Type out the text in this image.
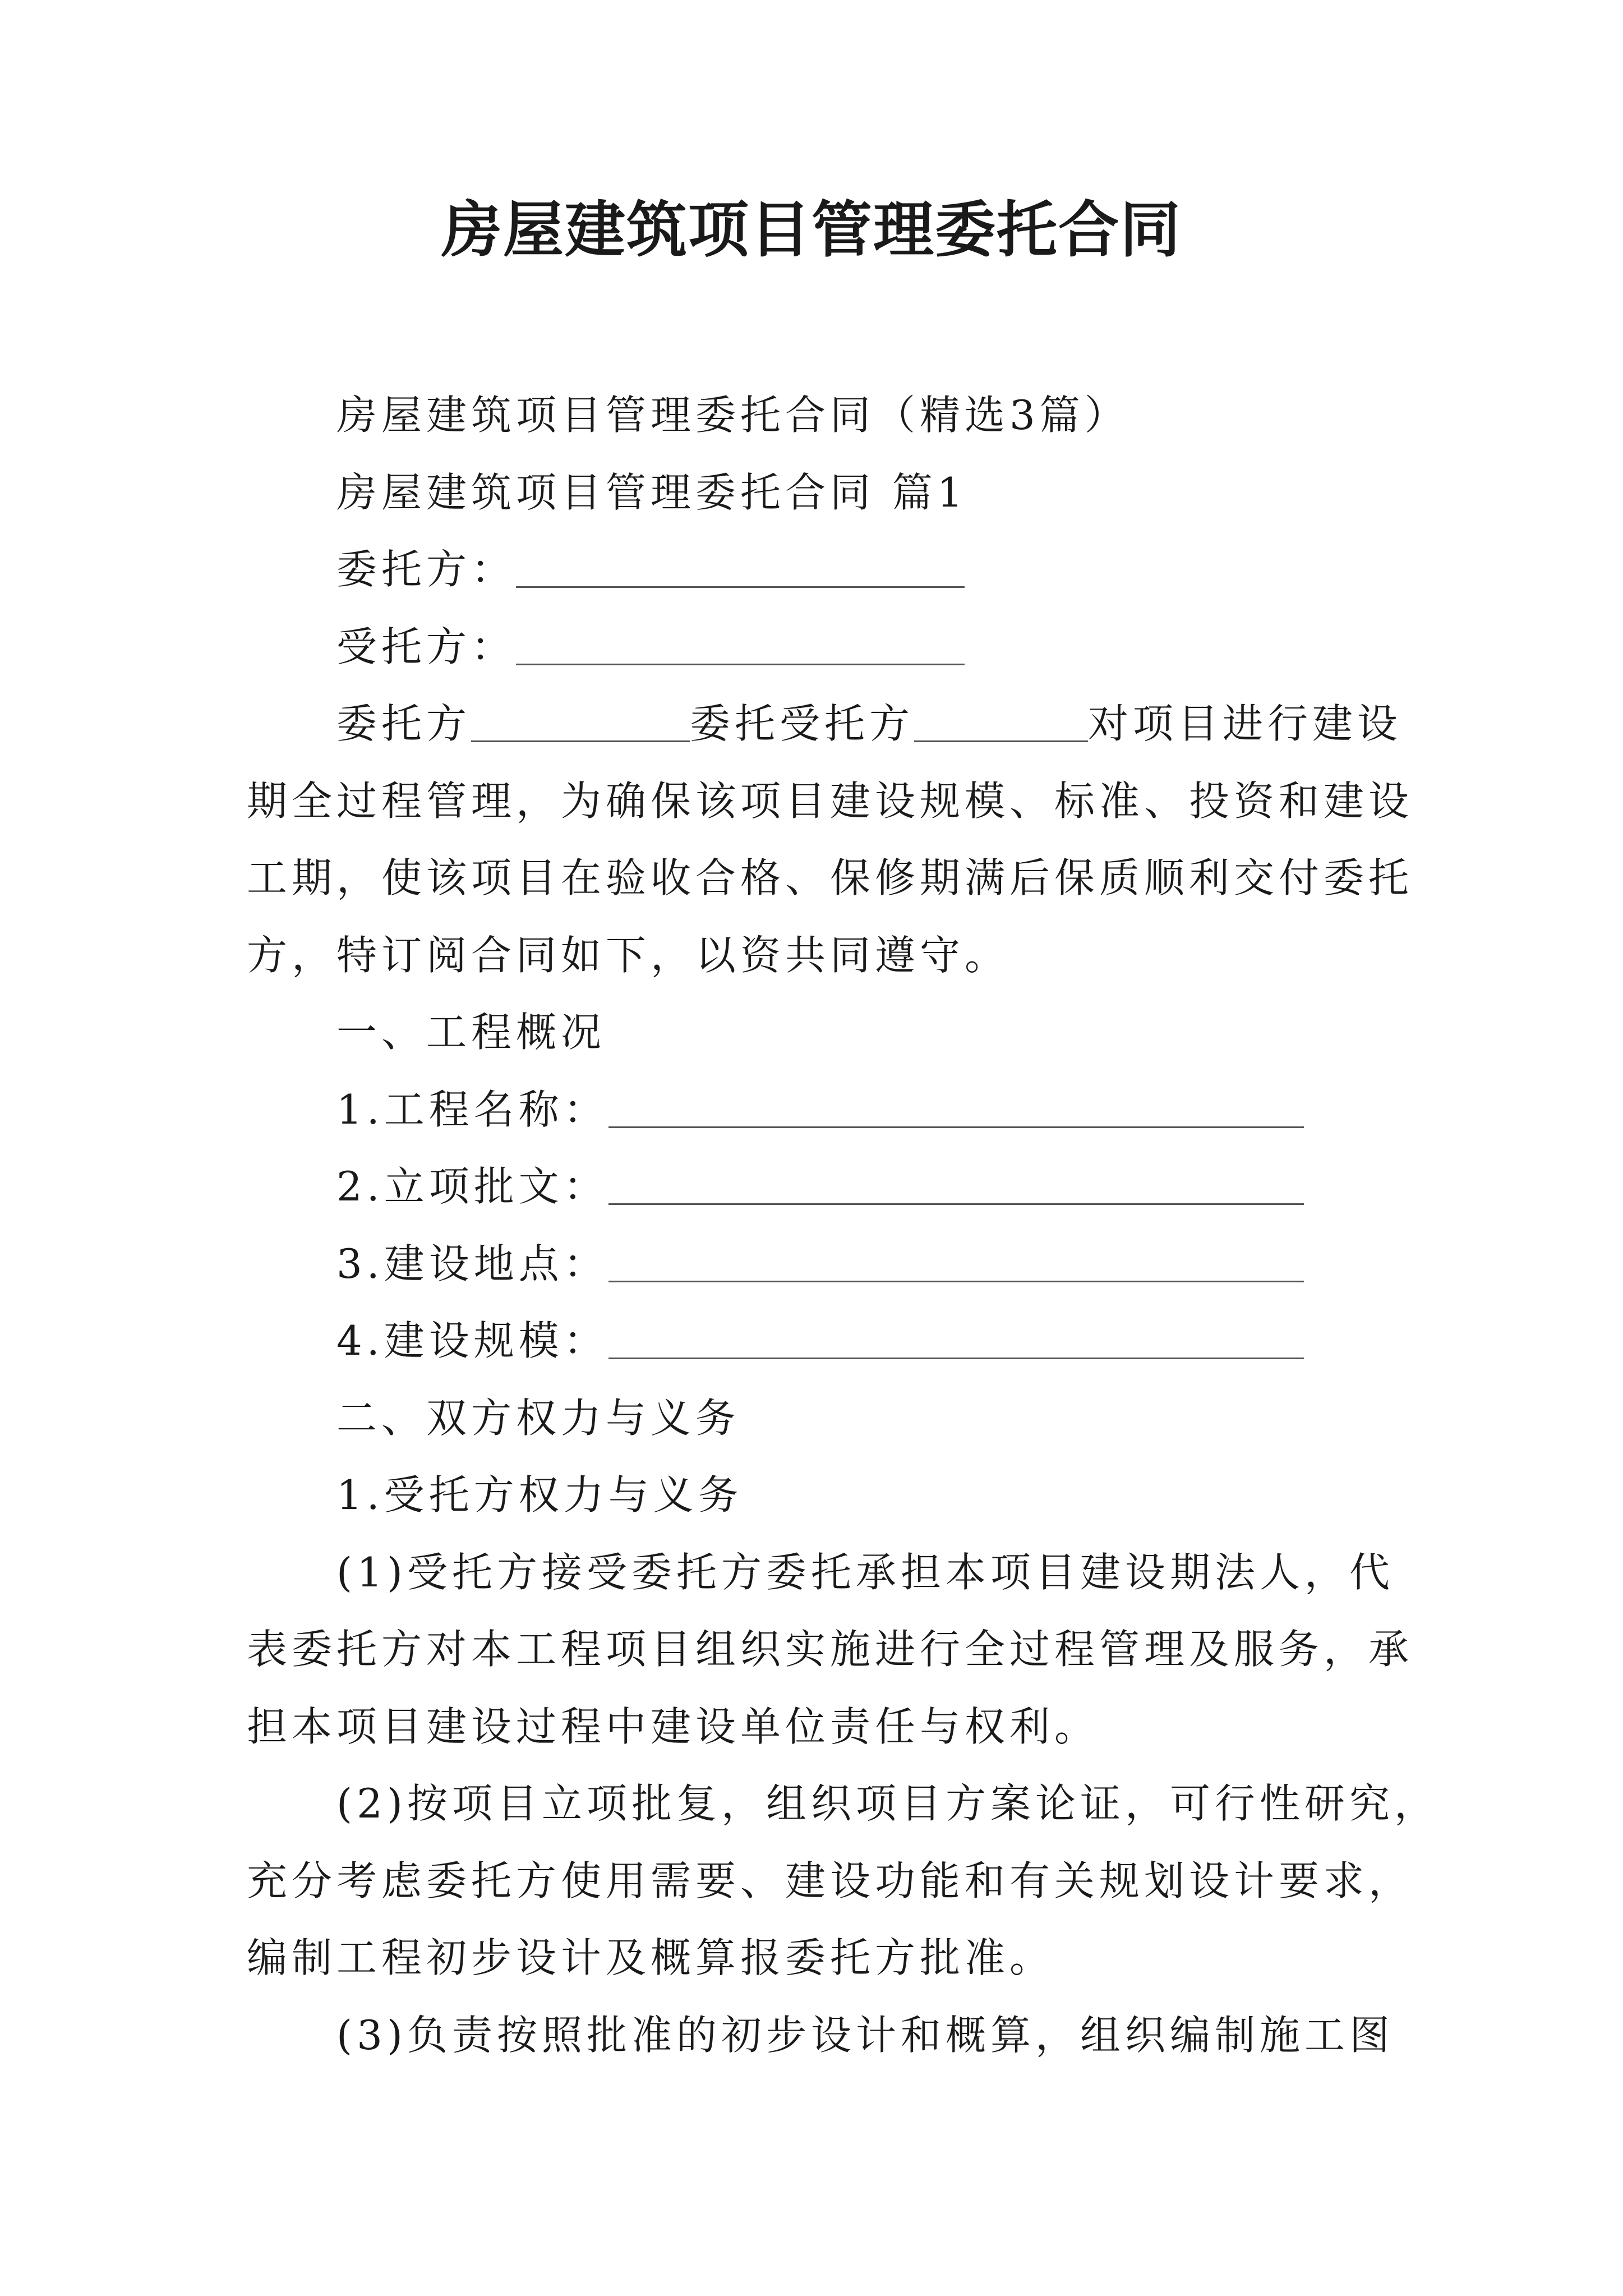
房屋建筑项目管理委托合同
房屋建筑项目管理委托合同（精选3篇）
房屋建筑项目管理委托合同 篇1
委托方：
受托方：
委托方	委托受托方	对项目进行建设
期全过程管理，为确保该项目建设规模、标准、投资和建设
工期，使该项目在验收合格、保修期满后保质顺利交付委托
方，特订阅合同如下，以资共同遵守。
一、工程概况
1.工程名称：
2.立项批文：
3.建设地点：
4.建设规模：
二、双方权力与义务
1.受托方权力与义务
(1)受托方接受委托方委托承担本项目建设期法人，代
表委托方对本工程项目组织实施进行全过程管理及服务，承
担本项目建设过程中建设单位责任与权利。
(2)按项目立项批复，组织项目方案论证，可行性研究，
充分考虑委托方使用需要、建设功能和有关规划设计要求，
编制工程初步设计及概算报委托方批准。
(3)负责按照批准的初步设计和概算，组织编制施工图
